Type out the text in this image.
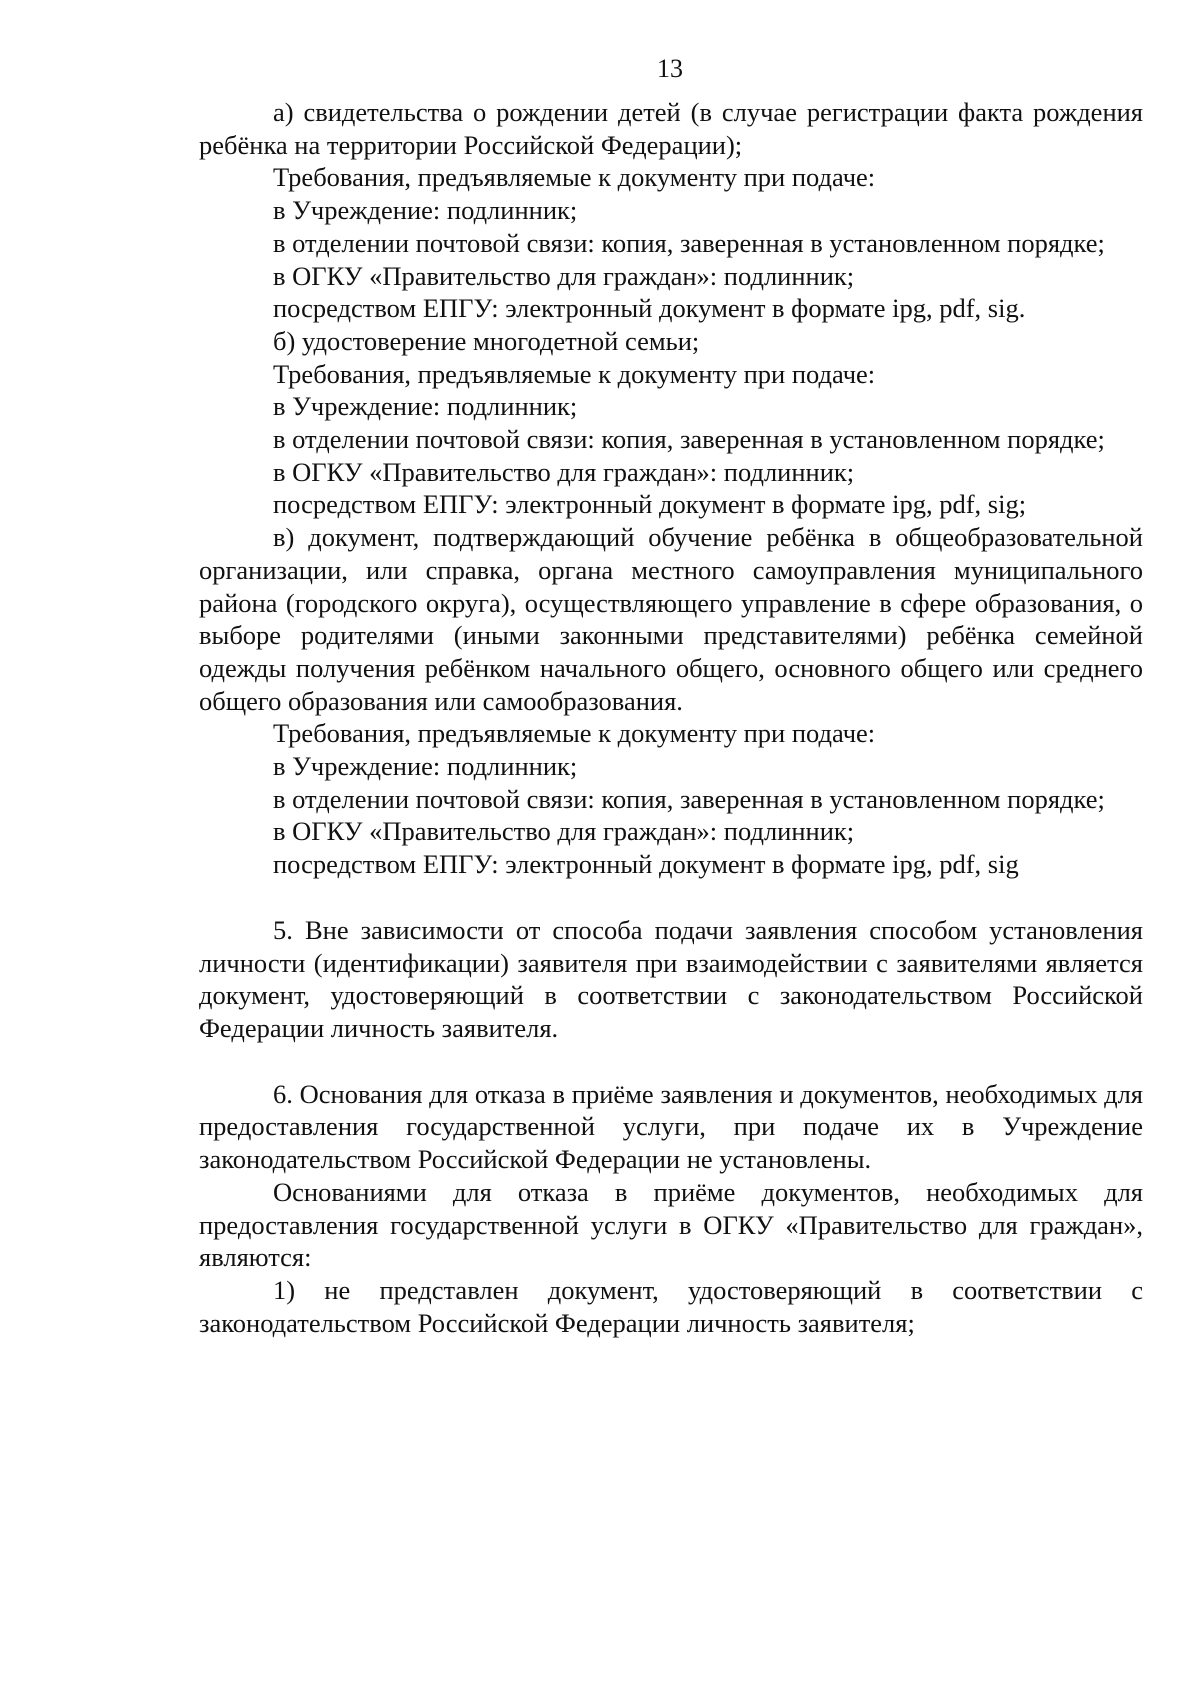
13

а) свидетельства о рождении детей (в случае регистрации факта рождения ребёнка на территории Российской Федерации);

Требования, предъявляемые к документу при подаче:

в Учреждение: подлинник;

в отделении почтовой связи: копия, заверенная в установленном порядке;

в ОГКУ «Правительство для граждан»: подлинник;

посредством ЕПГУ: электронный документ в формате ipg, pdf, sig.

б) удостоверение многодетной семьи;

Требования, предъявляемые к документу при подаче:

в Учреждение: подлинник;

в отделении почтовой связи: копия, заверенная в установленном порядке;

в ОГКУ «Правительство для граждан»: подлинник;

посредством ЕПГУ: электронный документ в формате ipg, pdf, sig;

в) документ, подтверждающий обучение ребёнка в общеобразовательной организации, или справка, органа местного самоуправления муниципального района (городского округа), осуществляющего управление в сфере образования, о выборе родителями (иными законными представителями) ребёнка семейной одежды получения ребёнком начального общего, основного общего или среднего общего образования или самообразования.

Требования, предъявляемые к документу при подаче:

в Учреждение: подлинник;

в отделении почтовой связи: копия, заверенная в установленном порядке;

в ОГКУ «Правительство для граждан»: подлинник;

посредством ЕПГУ: электронный документ в формате ipg, pdf, sig

5. Вне зависимости от способа подачи заявления способом установления личности (идентификации) заявителя при взаимодействии с заявителями является документ, удостоверяющий в соответствии с законодательством Российской Федерации личность заявителя.

6. Основания для отказа в приёме заявления и документов, необходимых для предоставления государственной услуги, при подаче их в Учреждение законодательством Российской Федерации не установлены.

Основаниями для отказа в приёме документов, необходимых для предоставления государственной услуги в ОГКУ «Правительство для граждан», являются:

1) не представлен документ, удостоверяющий в соответствии с законодательством Российской Федерации личность заявителя;
